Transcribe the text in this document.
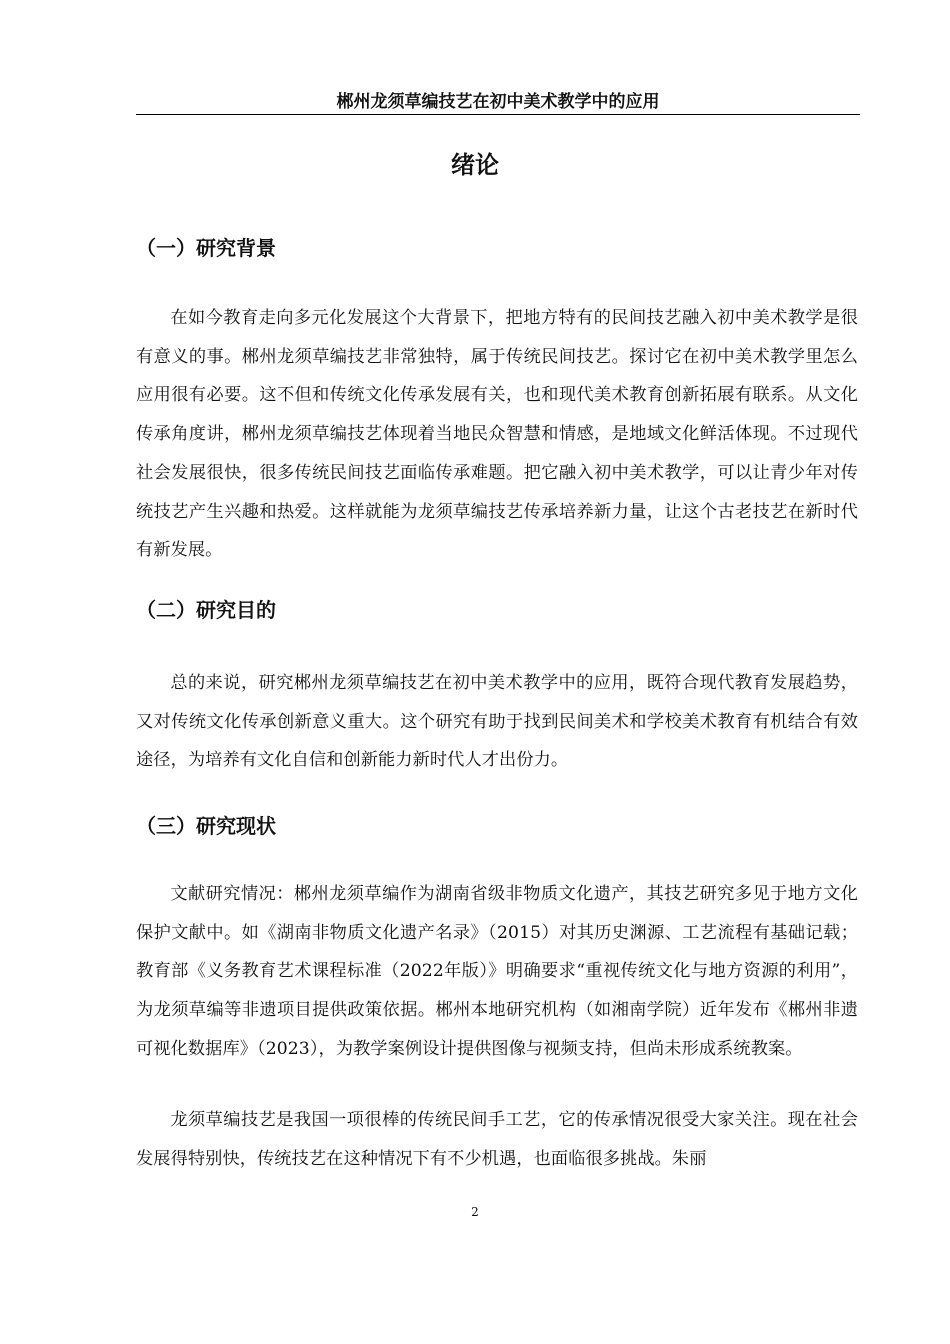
郴州龙须草编技艺在初中美术教学中的应用
绪论
（一）研究背景

在如今教育走向多元化发展这个大背景下，把地方特有的民间技艺融入初中美术教学是很有意义的事。郴州龙须草编技艺非常独特，属于传统民间技艺。探讨它在初中美术教学里怎么应用很有必要。这不但和传统文化传承发展有关，也和现代美术教育创新拓展有联系。从文化传承角度讲，郴州龙须草编技艺体现着当地民众智慧和情感，是地域文化鲜活体现。不过现代社会发展很快，很多传统民间技艺面临传承难题。把它融入初中美术教学，可以让青少年对传统技艺产生兴趣和热爱。这样就能为龙须草编技艺传承培养新力量，让这个古老技艺在新时代有新发展。

（二）研究目的

总的来说，研究郴州龙须草编技艺在初中美术教学中的应用，既符合现代教育发展趋势，又对传统文化传承创新意义重大。这个研究有助于找到民间美术和学校美术教育有机结合有效途径，为培养有文化自信和创新能力新时代人才出份力。

（三）研究现状

文献研究情况：郴州龙须草编作为湖南省级非物质文化遗产，其技艺研究多见于地方文化保护文献中。如《湖南非物质文化遗产名录》（2015）对其历史渊源、工艺流程有基础记载；教育部《义务教育艺术课程标准（2022年版）》明确要求“重视传统文化与地方资源的利用”，为龙须草编等非遗项目提供政策依据。郴州本地研究机构（如湘南学院）近年发布《郴州非遗可视化数据库》（2023），为教学案例设计提供图像与视频支持，但尚未形成系统教案。

龙须草编技艺是我国一项很棒的传统民间手工艺，它的传承情况很受大家关注。现在社会发展得特别快，传统技艺在这种情况下有不少机遇，也面临很多挑战。朱丽

2
